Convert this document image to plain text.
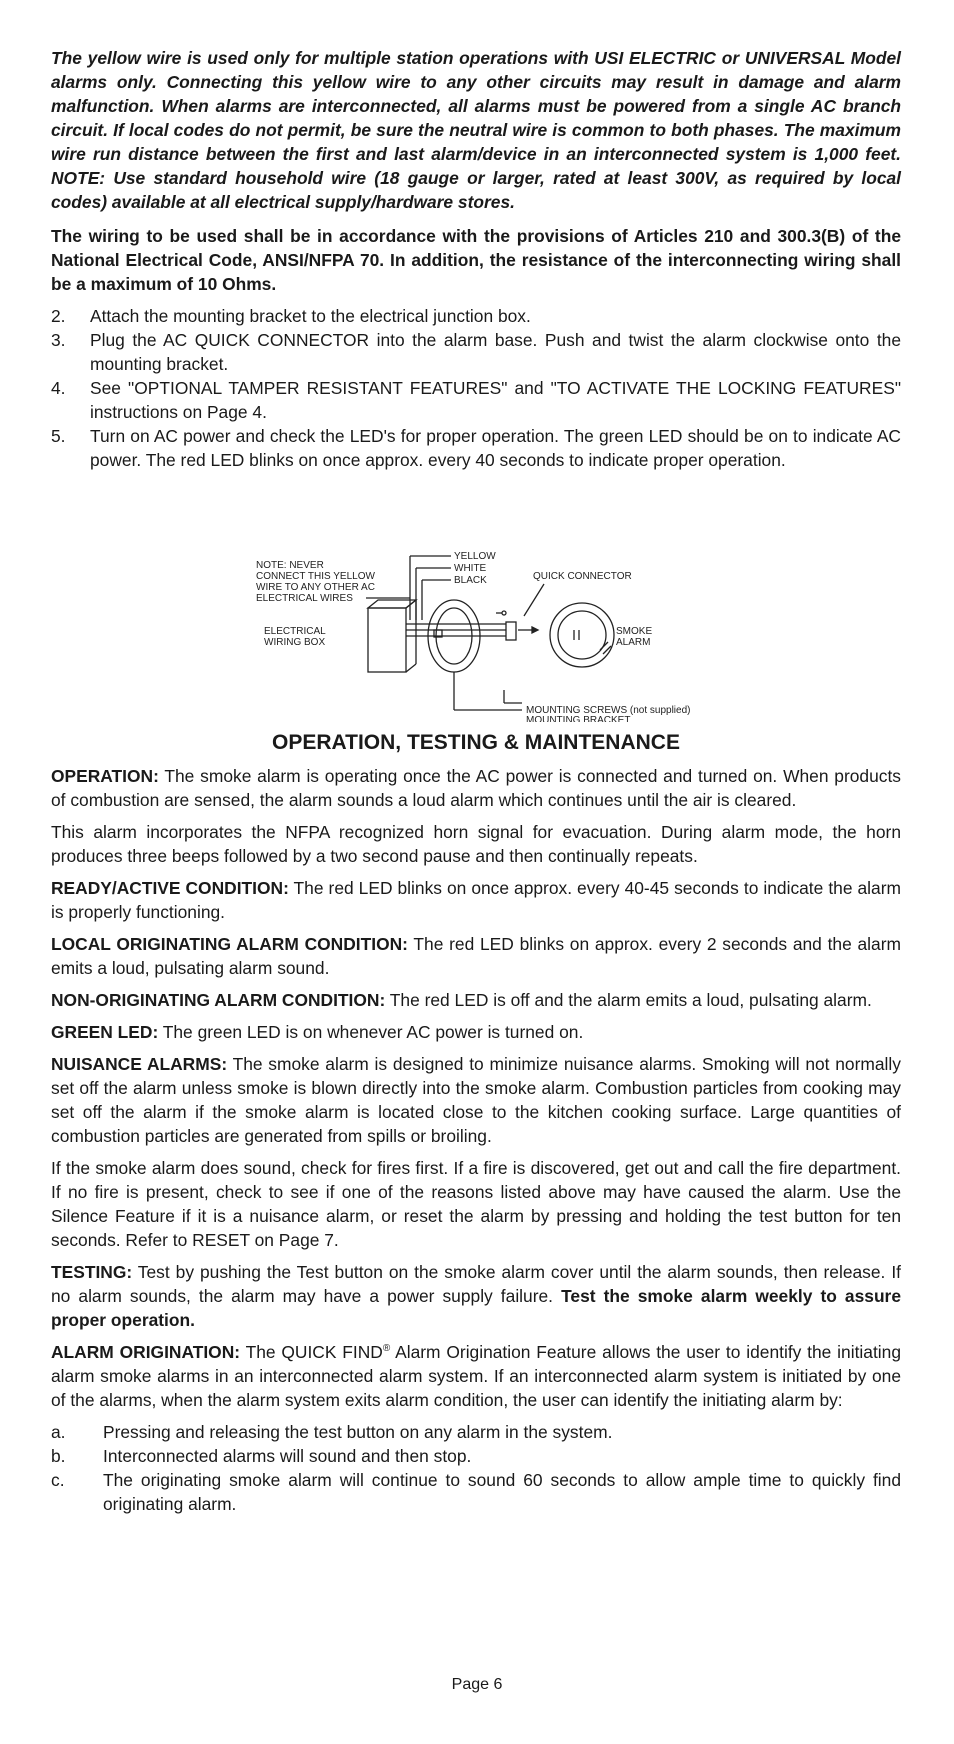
The yellow wire is used only for multiple station operations with USI ELECTRIC or UNIVERSAL Model alarms only. Connecting this yellow wire to any other circuits may result in damage and alarm malfunction. When alarms are interconnected, all alarms must be powered from a single AC branch circuit. If local codes do not permit, be sure the neutral wire is common to both phases. The maximum wire run distance between the first and last alarm/device in an interconnected system is 1,000 feet. NOTE: Use standard household wire (18 gauge or larger, rated at least 300V, as required by local codes) available at all electrical supply/hardware stores.

The wiring to be used shall be in accordance with the provisions of Articles 210 and 300.3(B) of the National Electrical Code, ANSI/NFPA 70. In addition, the resistance of the interconnecting wiring shall be a maximum of 10 Ohms.

2. Attach the mounting bracket to the electrical junction box.
3. Plug the AC QUICK CONNECTOR into the alarm base. Push and twist the alarm clockwise onto the mounting bracket.
4. See "OPTIONAL TAMPER RESISTANT FEATURES" and "TO ACTIVATE THE LOCKING FEATURES" instructions on Page 4.
5. Turn on AC power and check the LED's for proper operation. The green LED should be on to indicate AC power. The red LED blinks on once approx. every 40 seconds to indicate proper operation.
NOTE: NEVER
CONNECT THIS YELLOW
WIRE TO ANY OTHER AC
ELECTRICAL WIRES
YELLOW
WHITE
BLACK	QUICK CONNECTOR
ELECTRICAL
WIRING BOX
SMOKE
ALARM
MOUNTING SCREWS (not supplied)
MOUNTING BRACKET
OPERATION, TESTING & MAINTENANCE

OPERATION: The smoke alarm is operating once the AC power is connected and turned on. When products of combustion are sensed, the alarm sounds a loud alarm which continues until the air is cleared.

This alarm incorporates the NFPA recognized horn signal for evacuation. During alarm mode, the horn produces three beeps followed by a two second pause and then continually repeats.

READY/ACTIVE CONDITION: The red LED blinks on once approx. every 40-45 seconds to indicate the alarm is properly functioning.

LOCAL ORIGINATING ALARM CONDITION: The red LED blinks on approx. every 2 seconds and the alarm emits a loud, pulsating alarm sound.

NON-ORIGINATING ALARM CONDITION: The red LED is off and the alarm emits a loud, pulsating alarm.

GREEN LED: The green LED is on whenever AC power is turned on.

NUISANCE ALARMS: The smoke alarm is designed to minimize nuisance alarms. Smoking will not normally set off the alarm unless smoke is blown directly into the smoke alarm. Combustion particles from cooking may set off the alarm if the smoke alarm is located close to the kitchen cooking surface. Large quantities of combustion particles are generated from spills or broiling.

If the smoke alarm does sound, check for fires first. If a fire is discovered, get out and call the fire department. If no fire is present, check to see if one of the reasons listed above may have caused the alarm. Use the Silence Feature if it is a nuisance alarm, or reset the alarm by pressing and holding the test button for ten seconds. Refer to RESET on Page 7.

TESTING: Test by pushing the Test button on the smoke alarm cover until the alarm sounds, then release. If no alarm sounds, the alarm may have a power supply failure. Test the smoke alarm weekly to assure proper operation.

ALARM ORIGINATION: The QUICK FIND® Alarm Origination Feature allows the user to identify the initiating alarm smoke alarms in an interconnected alarm system. If an interconnected alarm system is initiated by one of the alarms, when the alarm system exits alarm condition, the user can identify the initiating alarm by:

a. Pressing and releasing the test button on any alarm in the system.
b. Interconnected alarms will sound and then stop.
c. The originating smoke alarm will continue to sound 60 seconds to allow ample time to quickly find originating alarm.
Page 6
